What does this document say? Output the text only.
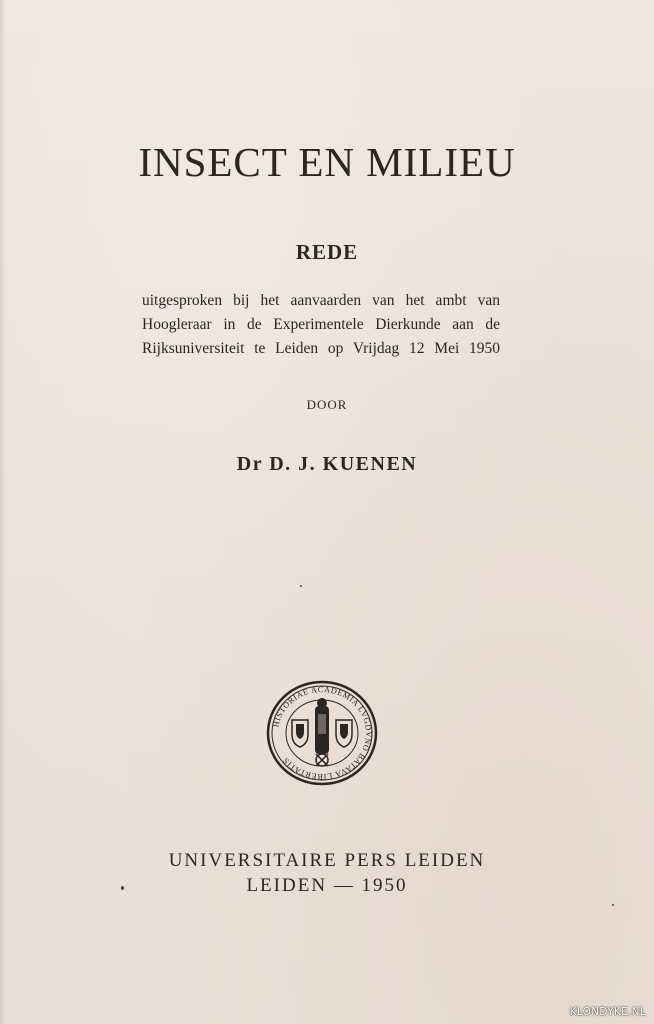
INSECT EN MILIEU
REDE
uitgesproken bij het aanvaarden van het ambt van
Hoogleraar in de Experimentele Dierkunde aan de
Rijksuniversiteit te Leiden op Vrijdag 12 Mei 1950
DOOR
Dr D. J. KUENEN
HISTORIAE ACADEMIA LVGDVNO BATAVA LIBERTATIS
UNIVERSITAIRE PERS LEIDEN
LEIDEN — 1950
KLONDYKE.NL
